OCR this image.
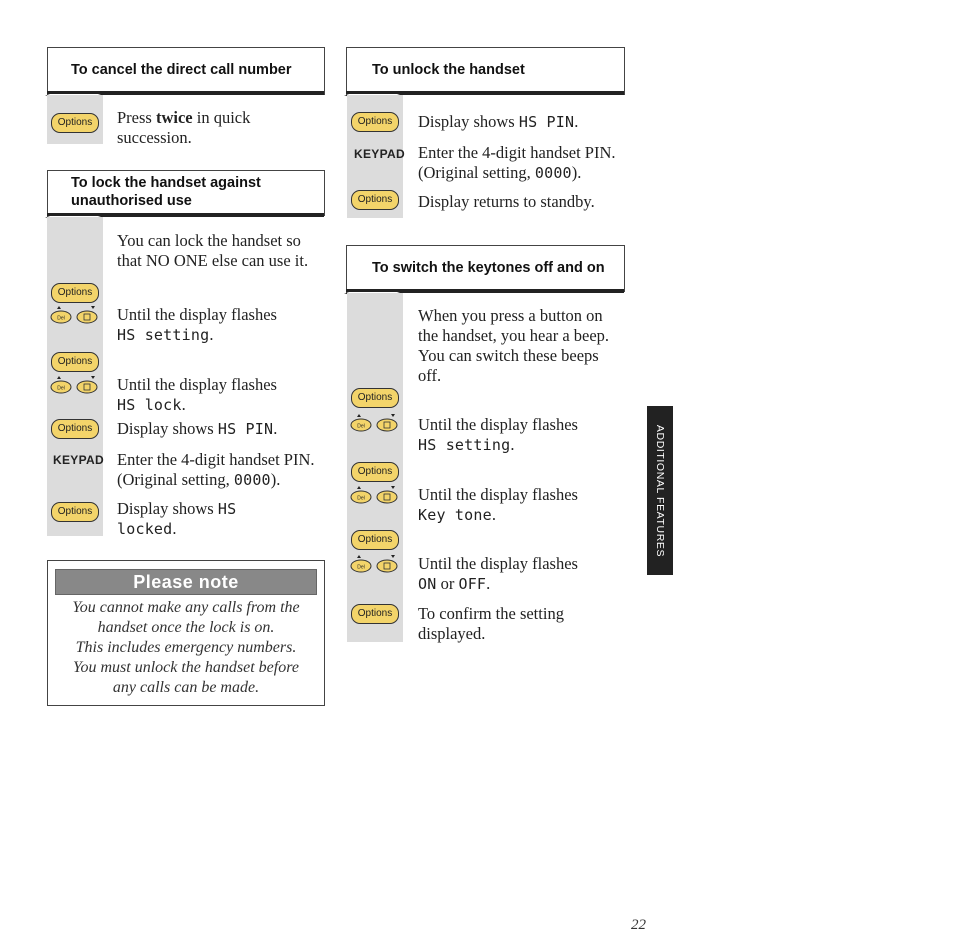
To cancel the direct call number
Options	Press twice in quick succession.
To lock the handset against
unauthorised use
You can lock the handset so that NO ONE else can use it.
Options
Del	Until the display flashes
HS setting.
Options
Del	Until the display flashes
HS lock.
Options	Display shows HS PIN.
KEYPAD Enter the 4-digit handset PIN.
(Original setting, 0000).
Options	Display shows HS
locked.
Please note
You cannot make any calls from the
handset once the lock is on.
This includes emergency numbers.
You must unlock the handset before
any calls can be made.
To unlock the handset
Options	Display shows HS PIN.
KEYPAD Enter the 4-digit handset PIN.
(Original setting, 0000).
Options	Display returns to standby.
To switch the keytones off and on
When you press a button on the handset, you hear a beep. You can switch these beeps off.
Options
Del	Until the display flashes
HS setting.
Options
Del	Until the display flashes
Key tone.
Options
Del	Until the display flashes
ON or OFF.
Options	To confirm the setting displayed.
ADDITIONAL FEATURES
22
